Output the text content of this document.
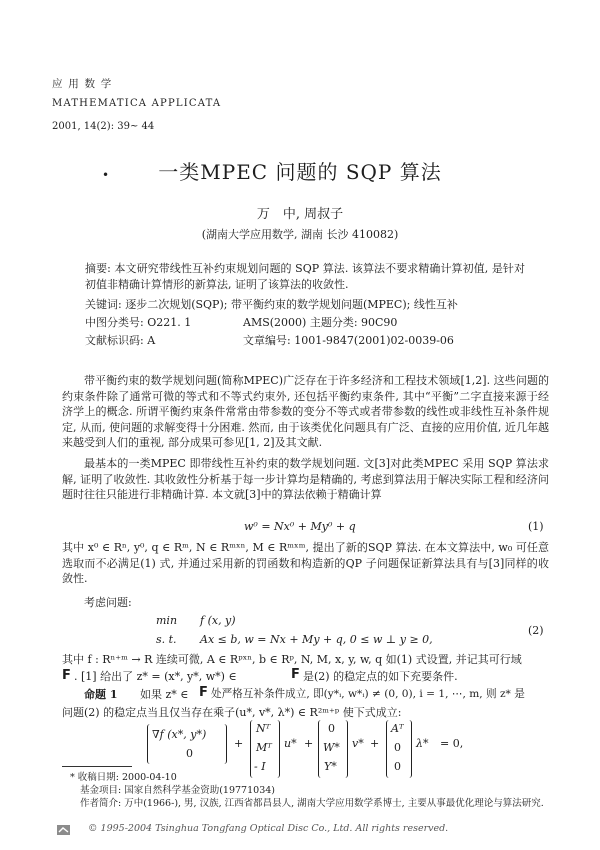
应 用 数 学
MATHEMATICA APPLICATA
2001, 14(2): 39~ 44
•	一类MPEC 问题的 SQP 算法
万　中, 周叔子
(湖南大学应用数学, 湖南 长沙 410082)
摘要: 本文研究带线性互补约束规划问题的 SQP 算法. 该算法不要求精确计算初值, 是针对初值非精确计算情形的新算法, 证明了该算法的收敛性.
关键词: 逐步二次规划(SQP); 带平衡约束的数学规划问题(MPEC); 线性互补
中图分类号: O221. 1	AMS(2000) 主题分类: 90C90
文献标识码: A	文章编号: 1001-9847(2001)02-0039-06
带平衡约束的数学规划问题(简称MPEC)广泛存在于许多经济和工程技术领域[1,2]. 这些问题的约束条件除了通常可微的等式和不等式约束外, 还包括平衡约束条件, 其中“平衡”二字直接来源于经济学上的概念. 所谓平衡约束条件常常由带参数的变分不等式或者带参数的线性或非线性互补条件规定, 从而, 使问题的求解变得十分困难. 然而, 由于该类优化问题具有广泛、直接的应用价值, 近几年越来越受到人们的重视, 部分成果可参见[1, 2]及其文献.
最基本的一类MPEC 即带线性互补约束的数学规划问题. 文[3]对此类MPEC 采用 SQP 算法求解, 证明了收敛性. 其收敛性分析基于每一步计算均是精确的, 考虑到算法用于解决实际工程和经济问题时往往只能进行非精确计算. 本文就[3]中的算法依赖于精确计算
w⁰ = Nx⁰ + My⁰ + q	(1)
其中 x⁰ ∈ Rⁿ, y⁰, q ∈ Rᵐ, N ∈ Rᵐˣⁿ, M ∈ Rᵐˣᵐ, 提出了新的SQP 算法. 在本文算法中, w₀ 可任意选取而不必满足(1) 式, 并通过采用新的罚函数和构造新的QP 子问题保证新算法具有与[3]同样的收敛性.
考虑问题:
min f (x, y)
s. t. Ax ≤ b, w = Nx + My + q, 0 ≤ w ⊥ y ≥ 0,
(2)
其中 f : Rⁿ⁺ᵐ → R 连续可微, A ∈ Rᵖˣⁿ, b ∈ Rᵖ, N, M, x, y, w, q 如(1) 式设置, 并记其可行域
F . [1] 给出了 z* = (x*, y*, w*) ∈	F 是(2) 的稳定点的如下充要条件.
命题 1 如果 z* ∈ F 处严格互补条件成立, 即(y*ᵢ, w*ᵢ) ≠ (0, 0), i = 1, ⋯, m, 则 z* 是
问题(2) 的稳定点当且仅当存在乘子(u*, v*, λ*) ∈ R²ᵐ⁺ᵖ 使下式成立:
∇f (x*, y*)
0
+
Nᵀ
Mᵀ
- I
u* +
0
W*
Y*
v* +
Aᵀ
0
0
λ* = 0,
* 收稿日期: 2000-04-10
基金项目: 国家自然科学基金资助(19771034)
作者简介: 万中(1966-), 男, 汉族, 江西省都昌县人, 湖南大学应用数学系博士, 主要从事最优化理论与算法研究.
© 1995-2004 Tsinghua Tongfang Optical Disc Co., Ltd. All rights reserved.
